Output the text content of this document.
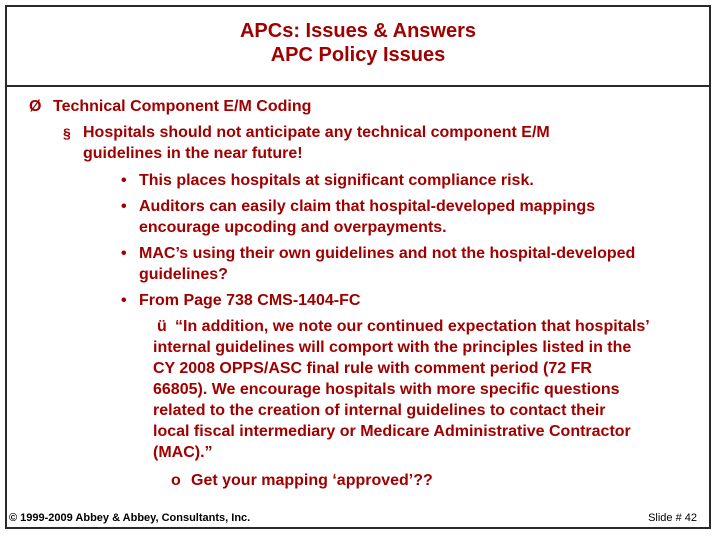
APCs: Issues & Answers
APC Policy Issues
Ø Technical Component E/M Coding
§ Hospitals should not anticipate any technical component E/M
guidelines in the near future!
• This places hospitals at significant compliance risk.
• Auditors can easily claim that hospital-developed mappings
encourage upcoding and overpayments.
• MAC’s using their own guidelines and not the hospital-developed
guidelines?
• From Page 738 CMS-1404-FC
ü “In addition, we note our continued expectation that hospitals’
internal guidelines will comport with the principles listed in the
CY 2008 OPPS/ASC final rule with comment period (72 FR
66805). We encourage hospitals with more specific questions
related to the creation of internal guidelines to contact their
local fiscal intermediary or Medicare Administrative Contractor
(MAC).”
o Get your mapping ‘approved’??
© 1999-2009 Abbey & Abbey, Consultants, Inc.	Slide # 42
